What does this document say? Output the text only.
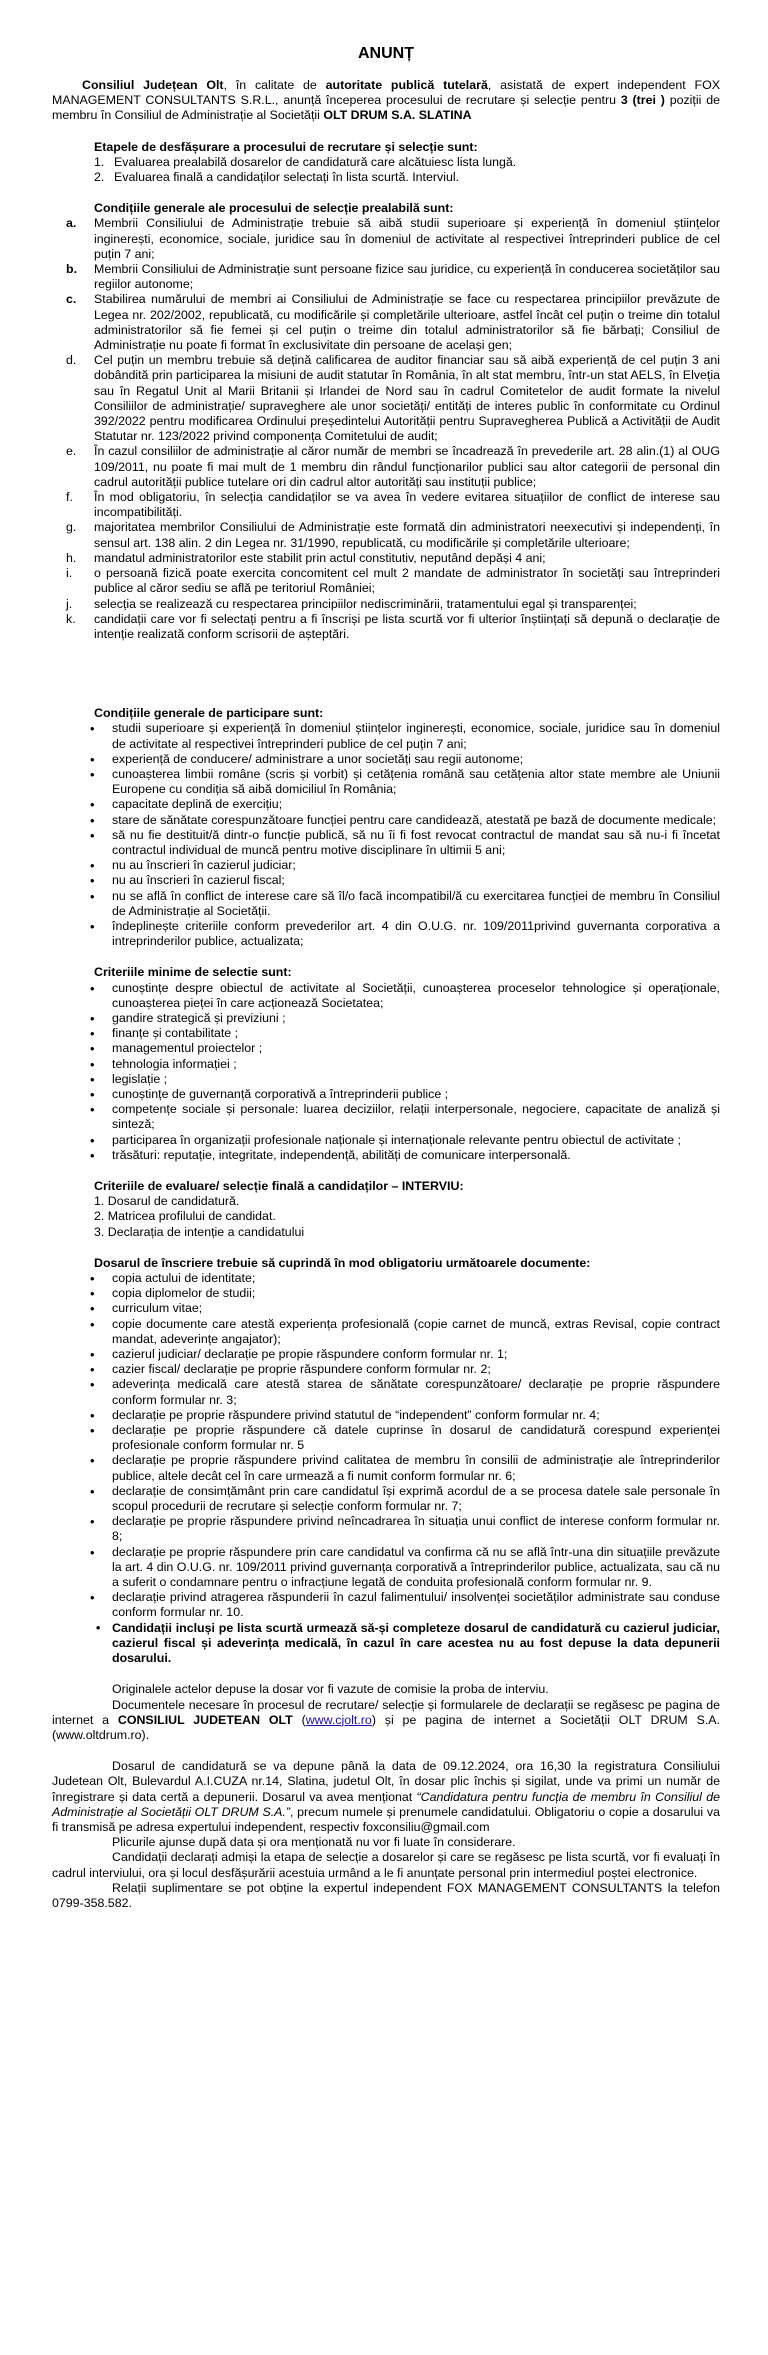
ANUNȚ

Consiliul Județean Olt, în calitate de autoritate publică tutelară, asistată de expert independent FOX MANAGEMENT CONSULTANTS S.R.L., anunță începerea procesului de recrutare și selecție pentru 3 (trei ) poziții de membru în Consiliul de Administrație al Societății OLT DRUM S.A. SLATINA

Etapele de desfășurare a procesului de recrutare și selecție sunt:

1. Evaluarea prealabilă dosarelor de candidatură care alcătuiesc lista lungă.
2. Evaluarea finală a candidaților selectați în lista scurtă. Interviul.

Condițiile generale ale procesului de selecție prealabilă sunt:

a.	Membrii Consiliului de Administrație trebuie să aibă studii superioare și experiență în domeniul științelor inginerești, economice, sociale, juridice sau în domeniul de activitate al respectivei întreprinderi publice de cel puțin 7 ani;
b.	Membrii Consiliului de Administrație sunt persoane fizice sau juridice, cu experiență în conducerea societăților sau regiilor autonome;
c.	Stabilirea numărului de membri ai Consiliului de Administrație se face cu respectarea principiilor prevăzute de Legea nr. 202/2002, republicată, cu modificările și completările ulterioare, astfel încât cel puțin o treime din totalul administratorilor să fie femei și cel puțin o treime din totalul administratorilor să fie bărbați; Consiliul de Administrație nu poate fi format în exclusivitate din persoane de același gen;
d.	Cel puțin un membru trebuie să dețină calificarea de auditor financiar sau să aibă experiență de cel puțin 3 ani dobândită prin participarea la misiuni de audit statutar în România, în alt stat membru, într-un stat AELS, în Elveția sau în Regatul Unit al Marii Britanii și Irlandei de Nord sau în cadrul Comitetelor de audit formate la nivelul Consiliilor de administrație/ supraveghere ale unor societăți/ entități de interes public în conformitate cu Ordinul 392/2022 pentru modificarea Ordinului președintelui Autorității pentru Supravegherea Publică a Activității de Audit Statutar nr. 123/2022 privind componența Comitetului de audit;
e.	În cazul consiliilor de administrație al căror număr de membri se încadrează în prevederile art. 28 alin.(1) al OUG 109/2011, nu poate fi mai mult de 1 membru din rândul funcționarilor publici sau altor categorii de personal din cadrul autorității publice tutelare ori din cadrul altor autorități sau instituții publice;
f.	În mod obligatoriu, în selecția candidaților se va avea în vedere evitarea situațiilor de conflict de interese sau incompatibilități.
g.	majoritatea membrilor Consiliului de Administrație este formată din administratori neexecutivi și independenți, în sensul art. 138 alin. 2 din Legea nr. 31/1990, republicată, cu modificările și completările ulterioare;
h.	mandatul administratorilor este stabilit prin actul constitutiv, neputând depăși 4 ani;
i.	o persoană fizică poate exercita concomitent cel mult 2 mandate de administrator în societăți sau întreprinderi publice al căror sediu se află pe teritoriul României;
j.	selecția se realizează cu respectarea principiilor nediscriminării, tratamentului egal și transparenței;
k.	candidații care vor fi selectați pentru a fi înscriși pe lista scurtă vor fi ulterior înștiințați să depună o declarație de intenție realizată conform scrisorii de așteptări.

Condițiile generale de participare sunt:

•	studii superioare și experiență în domeniul științelor inginerești, economice, sociale, juridice sau în domeniul de activitate al respectivei întreprinderi publice de cel puțin 7 ani;
•	experiență de conducere/ administrare a unor societăți sau regii autonome;
•	cunoașterea limbii române (scris și vorbit) și cetățenia română sau cetățenia altor state membre ale Uniunii Europene cu condiția să aibă domiciliul în România;
•	capacitate deplină de exercițiu;
•	stare de sănătate corespunzătoare funcției pentru care candidează, atestată pe bază de documente medicale;
•	să nu fie destituit/ă dintr-o funcție publică, să nu îi fi fost revocat contractul de mandat sau să nu-i fi încetat contractul individual de muncă pentru motive disciplinare în ultimii 5 ani;
•	nu au înscrieri în cazierul judiciar;
•	nu au înscrieri în cazierul fiscal;
•	nu se află în conflict de interese care să îl/o facă incompatibil/ă cu exercitarea funcției de membru în Consiliul de Administrație al Societății.
•	îndeplinește criteriile conform prevederilor art. 4 din O.U.G. nr. 109/2011privind guvernanta corporativa a intreprinderilor publice, actualizata;

Criteriile minime de selectie sunt:

•	cunoștințe despre obiectul de activitate al Societății, cunoașterea proceselor tehnologice și operaționale, cunoașterea pieței în care acționează Societatea;
•	gandire strategică și previziuni ;
•	finanțe și contabilitate ;
•	managementul proiectelor ;
•	tehnologia informației ;
•	legislație ;
•	cunoștințe de guvernanță corporativă a întreprinderii publice ;
•	competențe sociale și personale: luarea deciziilor, relații interpersonale, negociere, capacitate de analiză și sinteză;
•	participarea în organizații profesionale naționale și internaționale relevante pentru obiectul de activitate ;
•	trăsături: reputație, integritate, independență, abilități de comunicare interpersonală.

Criteriile de evaluare/ selecție finală a candidaților – INTERVIU:

1. Dosarul de candidatură.
2. Matricea profilului de candidat.
3. Declarația de intenție a candidatului

Dosarul de înscriere trebuie să cuprindă în mod obligatoriu următoarele documente:

•	copia actului de identitate;
•	copia diplomelor de studii;
•	curriculum vitae;
•	copie documente care atestă experiența profesională (copie carnet de muncă, extras Revisal, copie contract mandat, adeverințe angajator);
•	cazierul judiciar/ declarație pe propie răspundere conform formular nr. 1;
•	cazier fiscal/ declarație pe proprie răspundere conform formular nr. 2;
•	adeverința medicală care atestă starea de sănătate corespunzătoare/ declarație pe proprie răspundere conform formular nr. 3;
•	declarație pe proprie răspundere privind statutul de “independent” conform formular nr. 4;
•	declarație pe proprie răspundere că datele cuprinse în dosarul de candidatură corespund experienței profesionale conform formular nr. 5
•	declarație pe proprie răspundere privind calitatea de membru în consilii de administrație ale întreprinderilor publice, altele decât cel în care urmează a fi numit conform formular nr. 6;
•	declarație de consimțământ prin care candidatul își exprimă acordul de a se procesa datele sale personale în scopul procedurii de recrutare și selecție conform formular nr. 7;
•	declarație pe proprie răspundere privind neîncadrarea în situația unui conflict de interese conform formular nr. 8;
•	declarație pe proprie răspundere prin care candidatul va confirma că nu se află într-una din situațiile prevăzute la art. 4 din O.U.G. nr. 109/2011 privind guvernanța corporativă a întreprinderilor publice, actualizata, sau că nu a suferit o condamnare pentru o infracțiune legată de conduita profesională conform formular nr. 9.
•	declarație privind atragerea răspunderii în cazul falimentului/ insolvenței societăților administrate sau conduse conform formular nr. 10.

• Candidații incluși pe lista scurtă urmează să-și completeze dosarul de candidatură cu cazierul judiciar, cazierul fiscal și adeverința medicală, în cazul în care acestea nu au fost depuse la data depunerii dosarului.

Originalele actelor depuse la dosar vor fi vazute de comisie la proba de interviu.

Documentele necesare în procesul de recrutare/ selecție și formularele de declarații se regăsesc pe pagina de internet a CONSILIUL JUDETEAN OLT (www.cjolt.ro) și pe pagina de internet a Societății OLT DRUM S.A. (www.oltdrum.ro).

Dosarul de candidatură se va depune până la data de 09.12.2024, ora 16,30 la registratura Consiliului Judetean Olt, Bulevardul A.I.CUZA nr.14, Slatina, judetul Olt, în dosar plic închis și sigilat, unde va primi un număr de înregistrare și data certă a depunerii. Dosarul va avea menționat “Candidatura pentru funcția de membru în Consiliul de Administrație al Societății OLT DRUM S.A.”, precum numele și prenumele candidatului. Obligatoriu o copie a dosarului va fi transmisă pe adresa expertului independent, respectiv foxconsiliu@gmail.com

Plicurile ajunse după data și ora menționată nu vor fi luate în considerare.

Candidații declarați admiși la etapa de selecție a dosarelor și care se regăsesc pe lista scurtă, vor fi evaluați în cadrul interviului, ora și locul desfășurării acestuia urmând a le fi anunțate personal prin intermediul poștei electronice.

Relații suplimentare se pot obține la expertul independent FOX MANAGEMENT CONSULTANTS la telefon 0799-358.582.
